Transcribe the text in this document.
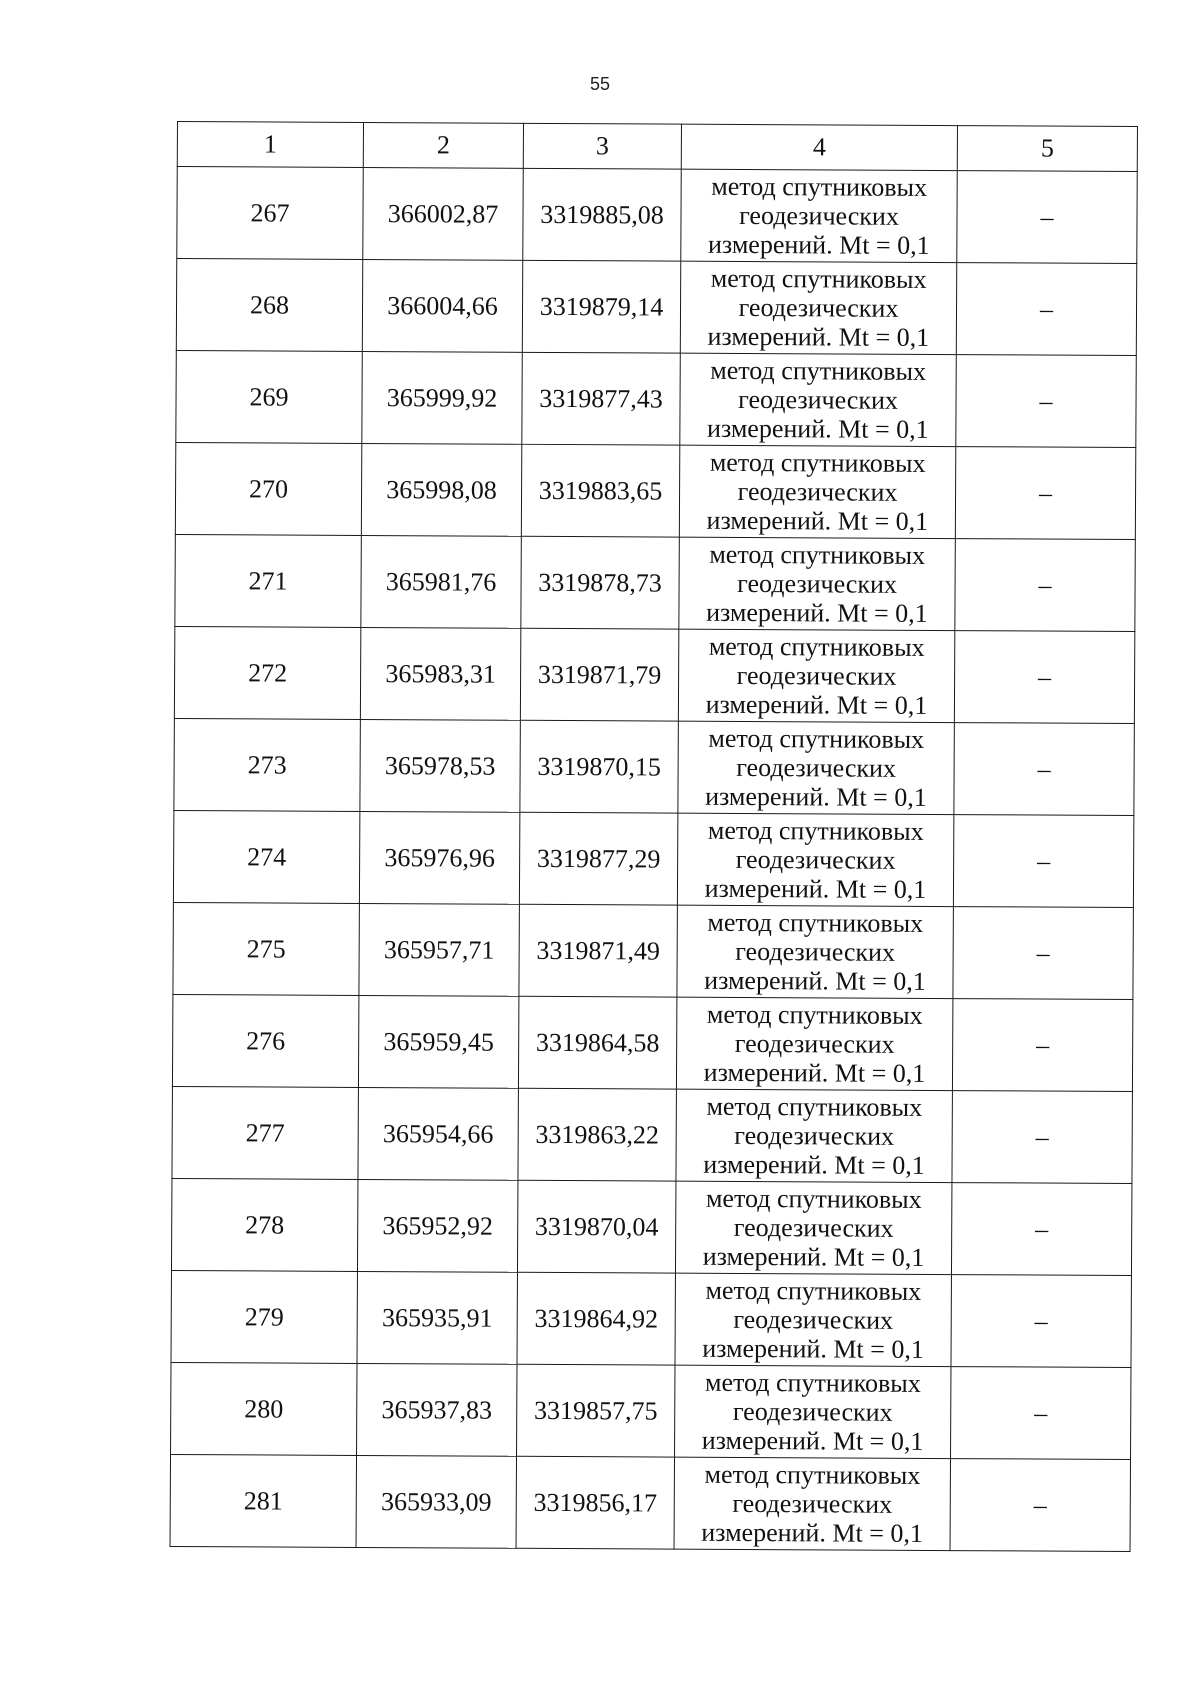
55
1	2	3	4	5
267	366002,87	3319885,08	метод спутниковых
геодезических
измерений. Mt = 0,1	–
268	366004,66	3319879,14	метод спутниковых
геодезических
измерений. Mt = 0,1	–
269	365999,92	3319877,43	метод спутниковых
геодезических
измерений. Mt = 0,1	–
270	365998,08	3319883,65	метод спутниковых
геодезических
измерений. Mt = 0,1	–
271	365981,76	3319878,73	метод спутниковых
геодезических
измерений. Mt = 0,1	–
272	365983,31	3319871,79	метод спутниковых
геодезических
измерений. Mt = 0,1	–
273	365978,53	3319870,15	метод спутниковых
геодезических
измерений. Mt = 0,1	–
274	365976,96	3319877,29	метод спутниковых
геодезических
измерений. Mt = 0,1	–
275	365957,71	3319871,49	метод спутниковых
геодезических
измерений. Mt = 0,1	–
276	365959,45	3319864,58	метод спутниковых
геодезических
измерений. Mt = 0,1	–
277	365954,66	3319863,22	метод спутниковых
геодезических
измерений. Mt = 0,1	–
278	365952,92	3319870,04	метод спутниковых
геодезических
измерений. Mt = 0,1	–
279	365935,91	3319864,92	метод спутниковых
геодезических
измерений. Mt = 0,1	–
280	365937,83	3319857,75	метод спутниковых
геодезических
измерений. Mt = 0,1	–
281	365933,09	3319856,17	метод спутниковых
геодезических
измерений. Mt = 0,1	–
